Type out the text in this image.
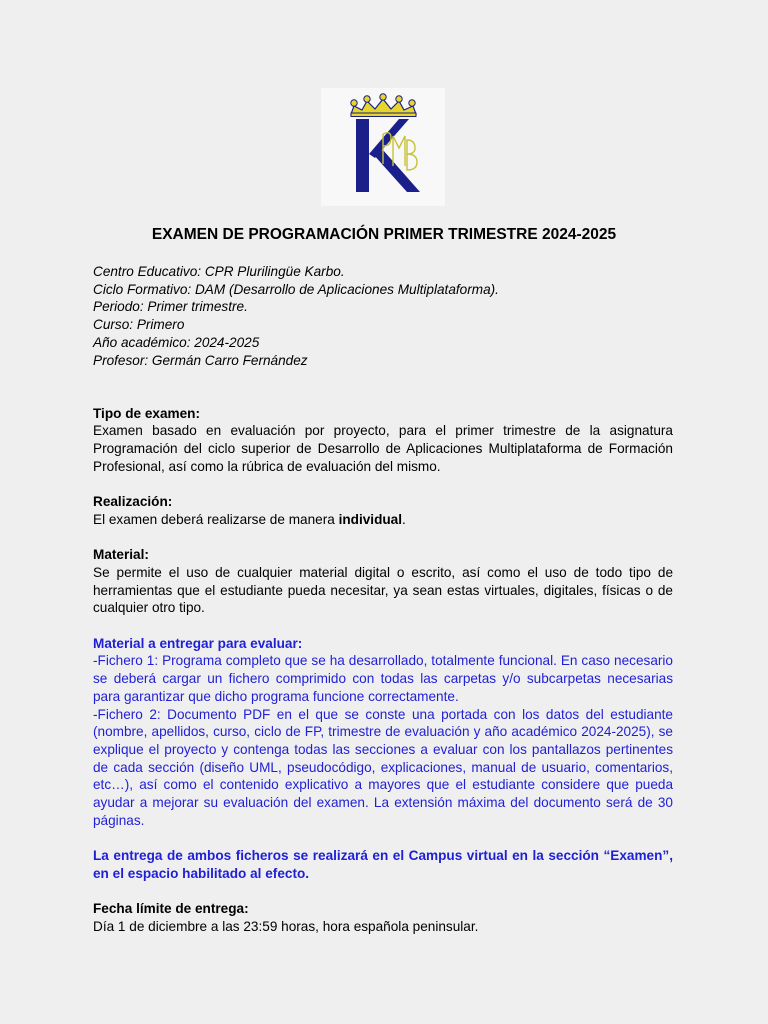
EXAMEN DE PROGRAMACIÓN PRIMER TRIMESTRE 2024-2025
Centro Educativo: CPR Plurilingüe Karbo.
Ciclo Formativo: DAM (Desarrollo de Aplicaciones Multiplataforma).
Periodo: Primer trimestre.
Curso: Primero
Año académico: 2024-2025
Profesor: Germán Carro Fernández

Tipo de examen:

Examen basado en evaluación por proyecto, para el primer trimestre de la asignatura Programación del ciclo superior de Desarrollo de Aplicaciones Multiplataforma de Formación Profesional, así como la rúbrica de evaluación del mismo.

Realización:

El examen deberá realizarse de manera individual.

Material:

Se permite el uso de cualquier material digital o escrito, así como el uso de todo tipo de herramientas que el estudiante pueda necesitar, ya sean estas virtuales, digitales, físicas o de cualquier otro tipo.

Material a entregar para evaluar:

-Fichero 1: Programa completo que se ha desarrollado, totalmente funcional. En caso necesario se deberá cargar un fichero comprimido con todas las carpetas y/o subcarpetas necesarias para garantizar que dicho programa funcione correctamente.

-Fichero 2: Documento PDF en el que se conste una portada con los datos del estudiante (nombre, apellidos, curso, ciclo de FP, trimestre de evaluación y año académico 2024-2025), se explique el proyecto y contenga todas las secciones a evaluar con los pantallazos pertinentes de cada sección (diseño UML, pseudocódigo, explicaciones, manual de usuario, comentarios, etc…), así como el contenido explicativo a mayores que el estudiante considere que pueda ayudar a mejorar su evaluación del examen. La extensión máxima del documento será de 30 páginas.

La entrega de ambos ficheros se realizará en el Campus virtual en la sección “Examen”, en el espacio habilitado al efecto.

Fecha límite de entrega:

Día 1 de diciembre a las 23:59 horas, hora española peninsular.
